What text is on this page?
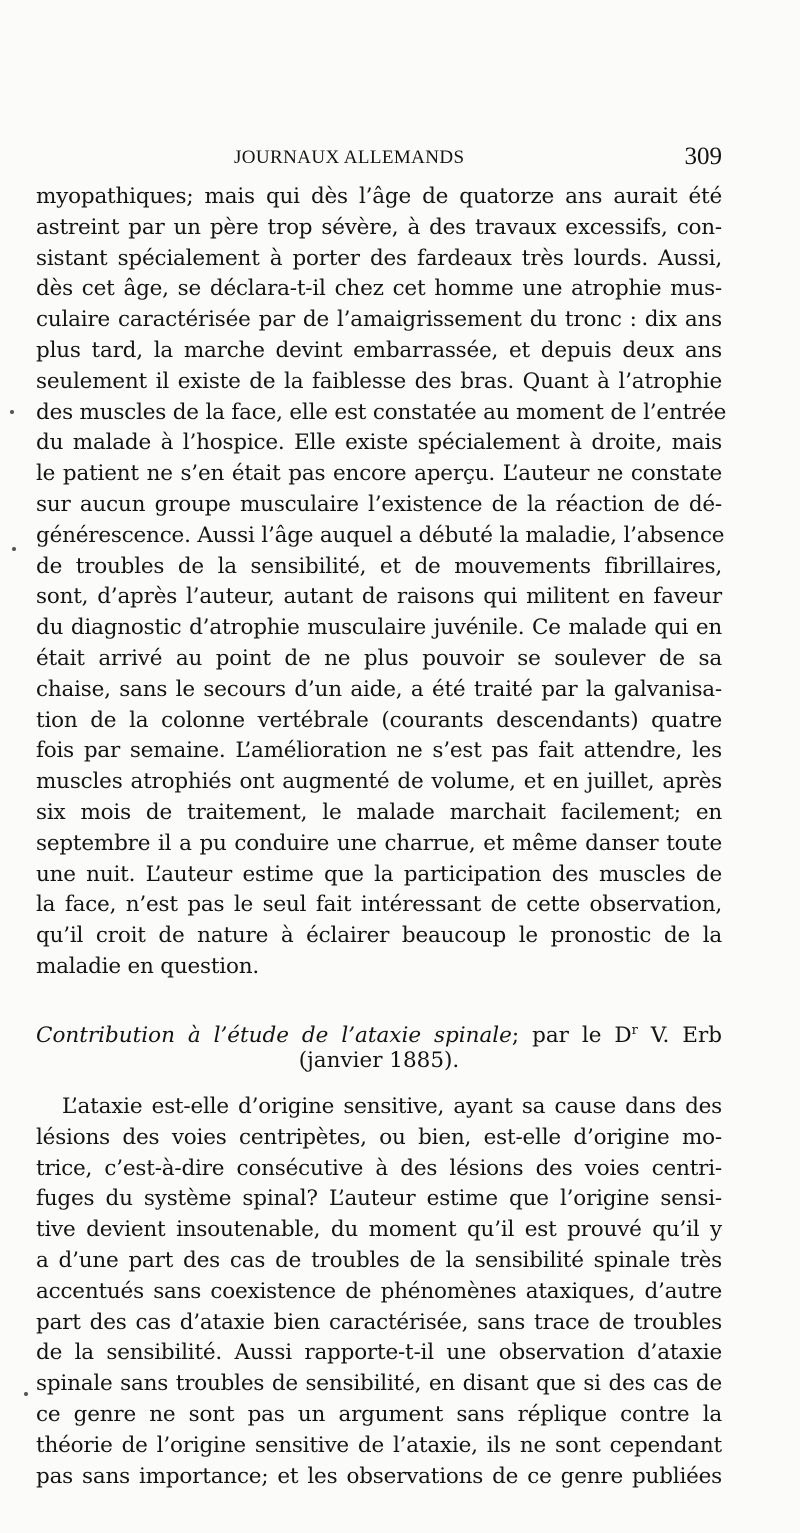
JOURNAUX ALLEMANDS	309
myopathiques; mais qui dès l’âge de quatorze ans aurait été
astreint par un père trop sévère, à des travaux excessifs, con-
sistant spécialement à porter des fardeaux très lourds. Aussi,
dès cet âge, se déclara-t-il chez cet homme une atrophie mus-
culaire caractérisée par de l’amaigrissement du tronc : dix ans
plus tard, la marche devint embarrassée, et depuis deux ans
seulement il existe de la faiblesse des bras. Quant à l’atrophie
des muscles de la face, elle est constatée au moment de l’entrée
du malade à l’hospice. Elle existe spécialement à droite, mais
le patient ne s’en était pas encore aperçu. L’auteur ne constate
sur aucun groupe musculaire l’existence de la réaction de dé-
générescence. Aussi l’âge auquel a débuté la maladie, l’absence
de troubles de la sensibilité, et de mouvements fibrillaires,
sont, d’après l’auteur, autant de raisons qui militent en faveur
du diagnostic d’atrophie musculaire juvénile. Ce malade qui en
était arrivé au point de ne plus pouvoir se soulever de sa
chaise, sans le secours d’un aide, a été traité par la galvanisa-
tion de la colonne vertébrale (courants descendants) quatre
fois par semaine. L’amélioration ne s’est pas fait attendre, les
muscles atrophiés ont augmenté de volume, et en juillet, après
six mois de traitement, le malade marchait facilement; en
septembre il a pu conduire une charrue, et même danser toute
une nuit. L’auteur estime que la participation des muscles de
la face, n’est pas le seul fait intéressant de cette observation,
qu’il croit de nature à éclairer beaucoup le pronostic de la
maladie en question.
Contribution à l’étude de l’ataxie spinale; par le $D^r$ V. Erb
(janvier 1885).
L’ataxie est-elle d’origine sensitive, ayant sa cause dans des
lésions des voies centripètes, ou bien, est-elle d’origine mo-
trice, c’est-à-dire consécutive à des lésions des voies centri-
fuges du système spinal? L’auteur estime que l’origine sensi-
tive devient insoutenable, du moment qu’il est prouvé qu’il y
a d’une part des cas de troubles de la sensibilité spinale très
accentués sans coexistence de phénomènes ataxiques, d’autre
part des cas d’ataxie bien caractérisée, sans trace de troubles
de la sensibilité. Aussi rapporte-t-il une observation d’ataxie
spinale sans troubles de sensibilité, en disant que si des cas de
ce genre ne sont pas un argument sans réplique contre la
théorie de l’origine sensitive de l’ataxie, ils ne sont cependant
pas sans importance; et les observations de ce genre publiées
